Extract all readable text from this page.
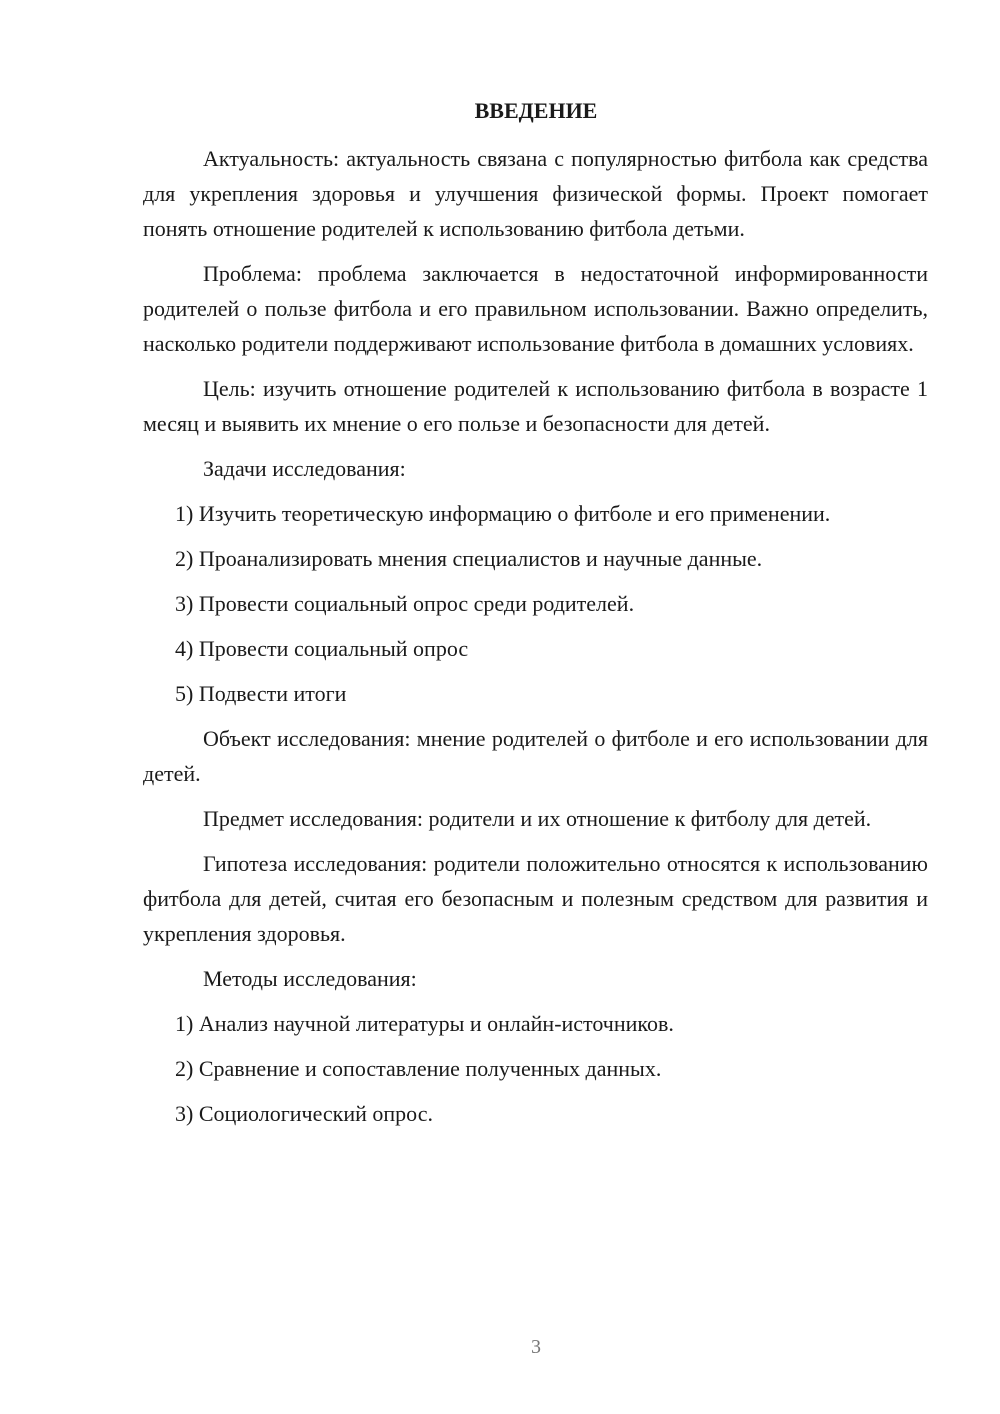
ВВЕДЕНИЕ

Актуальность: актуальность связана с популярностью фитбола как средства для укрепления здоровья и улучшения физической формы. Проект помогает понять отношение родителей к использованию фитбола детьми.

Проблема: проблема заключается в недостаточной информированности родителей о пользе фитбола и его правильном использовании. Важно определить, насколько родители поддерживают использование фитбола в домашних условиях.

Цель: изучить отношение родителей к использованию фитбола в возрасте 1 месяц и выявить их мнение о его пользе и безопасности для детей.

Задачи исследования:

1) Изучить теоретическую информацию о фитболе и его применении.

2) Проанализировать мнения специалистов и научные данные.

3) Провести социальный опрос среди родителей.

4) Провести социальный опрос

5) Подвести итоги

Объект исследования: мнение родителей о фитболе и его использовании для детей.

Предмет исследования: родители и их отношение к фитболу для детей.

Гипотеза исследования: родители положительно относятся к использованию фитбола для детей, считая его безопасным и полезным средством для развития и укрепления здоровья.

Методы исследования:

1) Анализ научной литературы и онлайн-источников.

2) Сравнение и сопоставление полученных данных.

3) Социологический опрос.

3
